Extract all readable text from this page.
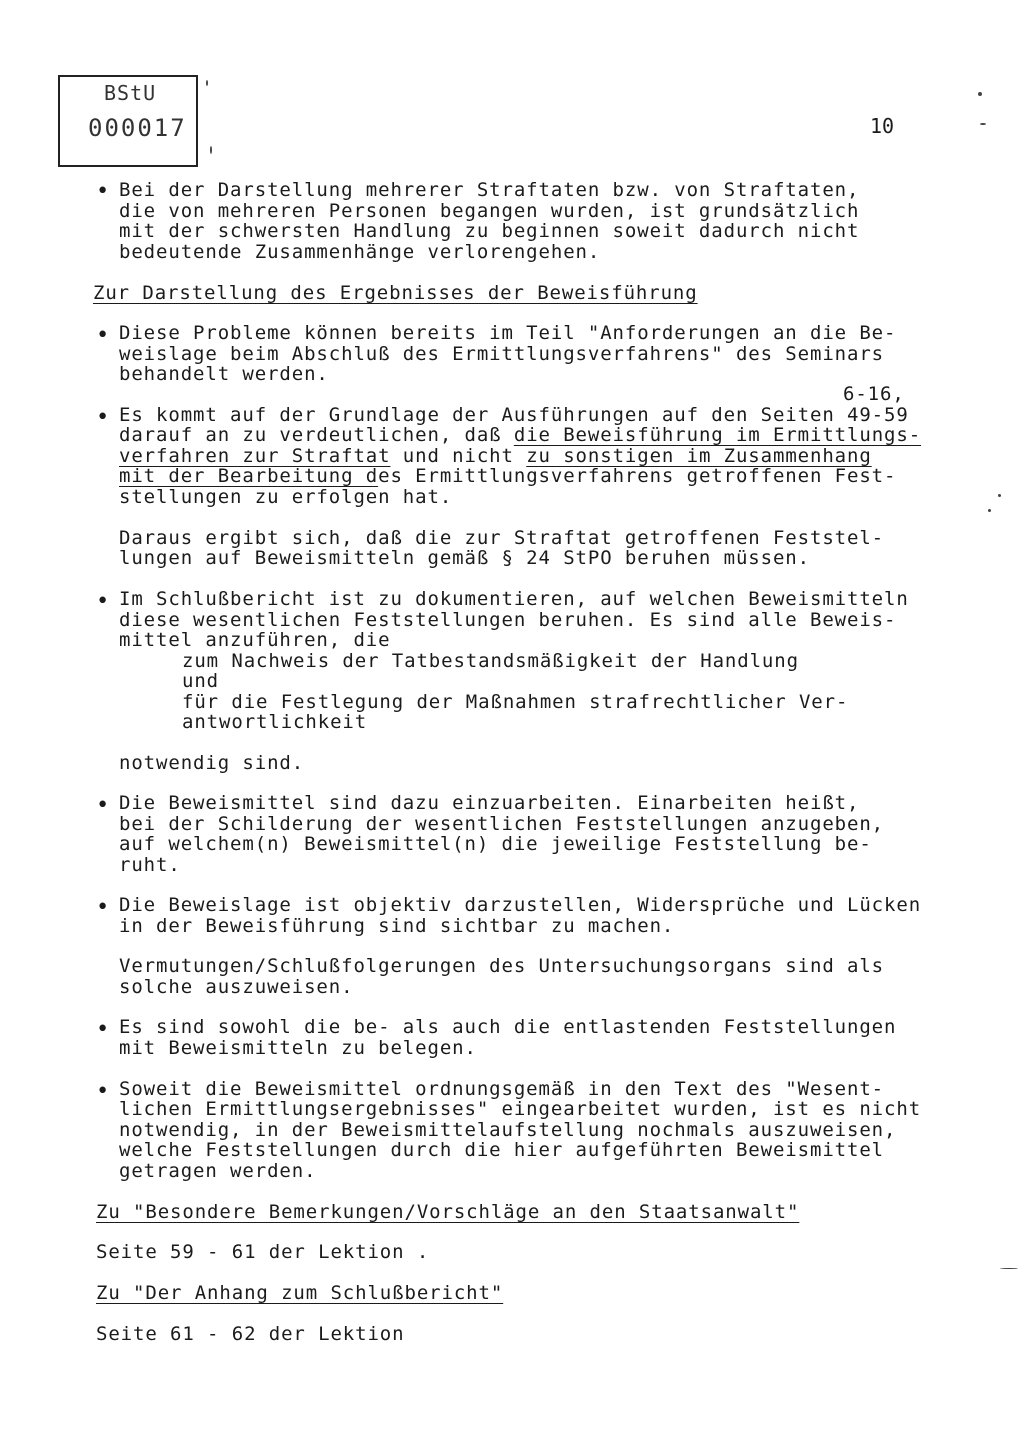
BStU
000017	10
• Bei der Darstellung mehrerer Straftaten bzw. von Straftaten,
die von mehreren Personen begangen wurden, ist grundsätzlich
mit der schwersten Handlung zu beginnen soweit dadurch nicht
bedeutende Zusammenhänge verlorengehen.
Zur Darstellung des Ergebnisses der Beweisführung
• Diese Probleme können bereits im Teil "Anforderungen an die Be-
weislage beim Abschluß des Ermittlungsverfahrens" des Seminars
behandelt werden.
6-16,
• Es kommt auf der Grundlage der Ausführungen auf den Seiten 49-59
darauf an zu verdeutlichen, daß die Beweisführung im Ermittlungs-
verfahren zur Straftat und nicht zu sonstigen im Zusammenhang
mit der Bearbeitung des Ermittlungsverfahrens getroffenen Fest-
stellungen zu erfolgen hat.
Daraus ergibt sich, daß die zur Straftat getroffenen Feststel-
lungen auf Beweismitteln gemäß § 24 StPO beruhen müssen.
• Im Schlußbericht ist zu dokumentieren, auf welchen Beweismitteln
diese wesentlichen Feststellungen beruhen. Es sind alle Beweis-
mittel anzuführen, die
zum Nachweis der Tatbestandsmäßigkeit der Handlung
und
für die Festlegung der Maßnahmen strafrechtlicher Ver-
antwortlichkeit
notwendig sind.
• Die Beweismittel sind dazu einzuarbeiten. Einarbeiten heißt,
bei der Schilderung der wesentlichen Feststellungen anzugeben,
auf welchem(n) Beweismittel(n) die jeweilige Feststellung be-
ruht.
• Die Beweislage ist objektiv darzustellen, Widersprüche und Lücken
in der Beweisführung sind sichtbar zu machen.
Vermutungen/Schlußfolgerungen des Untersuchungsorgans sind als
solche auszuweisen.
• Es sind sowohl die be- als auch die entlastenden Feststellungen
mit Beweismitteln zu belegen.
• Soweit die Beweismittel ordnungsgemäß in den Text des "Wesent-
lichen Ermittlungsergebnisses" eingearbeitet wurden, ist es nicht
notwendig, in der Beweismittelaufstellung nochmals auszuweisen,
welche Feststellungen durch die hier aufgeführten Beweismittel
getragen werden.
Zu "Besondere Bemerkungen/Vorschläge an den Staatsanwalt"
Seite 59 - 61 der Lektion .
Zu "Der Anhang zum Schlußbericht"
Seite 61 - 62 der Lektion
